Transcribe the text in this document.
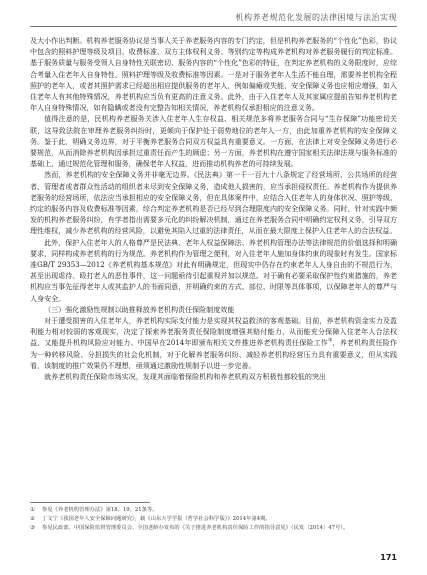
机构养老规范化发展的法律困境与法治实现

及大小作出判断。机构养老服务协议是当事人关于养老服务内容的专门约定，但是机构养老服务的“个性化”色彩，协议中包含的照料护理等级及项目、收费标准、双方主体权利义务、等别约定等构成养老机构对养老服务履行的判定标准。基于服务质量与服务受领人自身特性关联密切、服务内容的“个性化”色彩的特征，在判定养老机构的义务限度时，应综合考量入住老年人自身特性、照料护理等级及收费标准等因素。一是对于服务老年人生活不能自理，需要养老机构全程照护的老年人，或者其照护需求已经超出相应提供服务的老年人，例如偏瘫或失能，安全保障义务也应相应增强，如入住老年人有其他特殊情况，养老机构应当负有更高的注意义务。此外，由于入住老年人及其家属应提前告知养老机构老年人自身特殊情况，如有隐瞒或者没有完整告知相关情况，养老机构仅承担相应的注意义务。

值得注意的是，民机构养老服务关涉入住老年人生存权益、相关规范多将养老服务合同与“生存保障”功能密切关联，这导致法院在审理养老服务纠纷时，更倾向于保护处于弱势地位的老年人一方，由此加重养老机构的安全保障义务。鉴于此，明确义务边界，对于平衡养老服务合同双方权益具有重要意义。一方面，在法律上对安全保障义务进行必要规范，从而消除养老机构因承担过重责任而产生的顾虑；另一方面，养老机构在遵守国家相关法律法规与服务标准的基础上，通过规范化管理和服务，确保老年人权益，进而推动机构养老的可持续发展。

然而，养老机构的安全保障义务并非毫无边界。《民法典》第一千一百九十八条规定了经营场所、公共场所的经营者、管理者或者群众性活动的组织者未尽到安全保障义务，造成他人损害的，应当承担侵权责任。养老机构作为提供养老服务的经营场所，依法应当承担相应的安全保障义务，但在具体案件中，应结合入住老年人的身体状况、照护等级、约定的服务内容及收费标准等因素，综合判定养老机构是否已经尽到合理限度内的安全保障义务。同时，针对实践中频发的机构养老服务纠纷，有学者指出需要多元化的纠纷解决机制，通过在养老服务合同中明确约定权利义务，引导双方理性维权，减少养老机构的经营风险，以避免其陷入过重的法律责任，从而在最大限度上保护入住老年人的合法权益。

此外，保护入住老年人的人格尊严是民法典、老年人权益保障法、养老机构管理办法等法律规范的价值选择和明确要求，同样构成养老机构的行为规范。养老机构作为管理之便利，对入住老年人施加身体约束的现象时有发生。国家标准GB/T 29353—2012《养老机构基本规范》对此有明确规定，但现实中仍存在约束老年人人身自由的不规范行为，甚至出现虐待、殴打老人的恶性事件，这一问题亟待引起重视并加以规范。对于确有必要采取保护性约束措施的，养老机构应当事先征得老年人或其监护人的书面同意，并明确约束的方式、部位、时限等具体事项，以保障老年人的尊严与人身安全。

（三）强化激励性规制以助推释放养老机构责任保险制度效能

对于遭受损害的入住老年人，养老机构实际支付能力是实现其权益救济的客观基础。目前，养老机构资金实力及盈利能力相对较弱的客观现实，决定了探索养老服务责任保险制度增强其赔付能力、从而能充分保障入住老年人合法权益，又能提升机构风险应对能力。中国早在2014年即颁布相关文件推进养老机构责任保险工作③，养老机构责任险作为一种转移风险、分担损失的社会化机制，对于化解养老服务纠纷、减轻养老机构经营压力具有重要意义，但从实践看，该制度的推广效果仍不理想，亟须通过激励性规制予以进一步完善。

就养老机构责任保险市场实况，发现其面临着保险机构和养老机构双方积极性都较低的突出

① 参见《养老机构管理办法》第18、19、21条等。

② 丁文宁《我国老年人安全保障问题研究》，载《山东大学学报（哲学社会科学版）》2014年第4期。

③ 参见民政部、中国保险监督管理委员会、全国老龄办发布的《关于推进养老机构责任保险工作的指导意见》（民发〔2014〕47号）。

171
